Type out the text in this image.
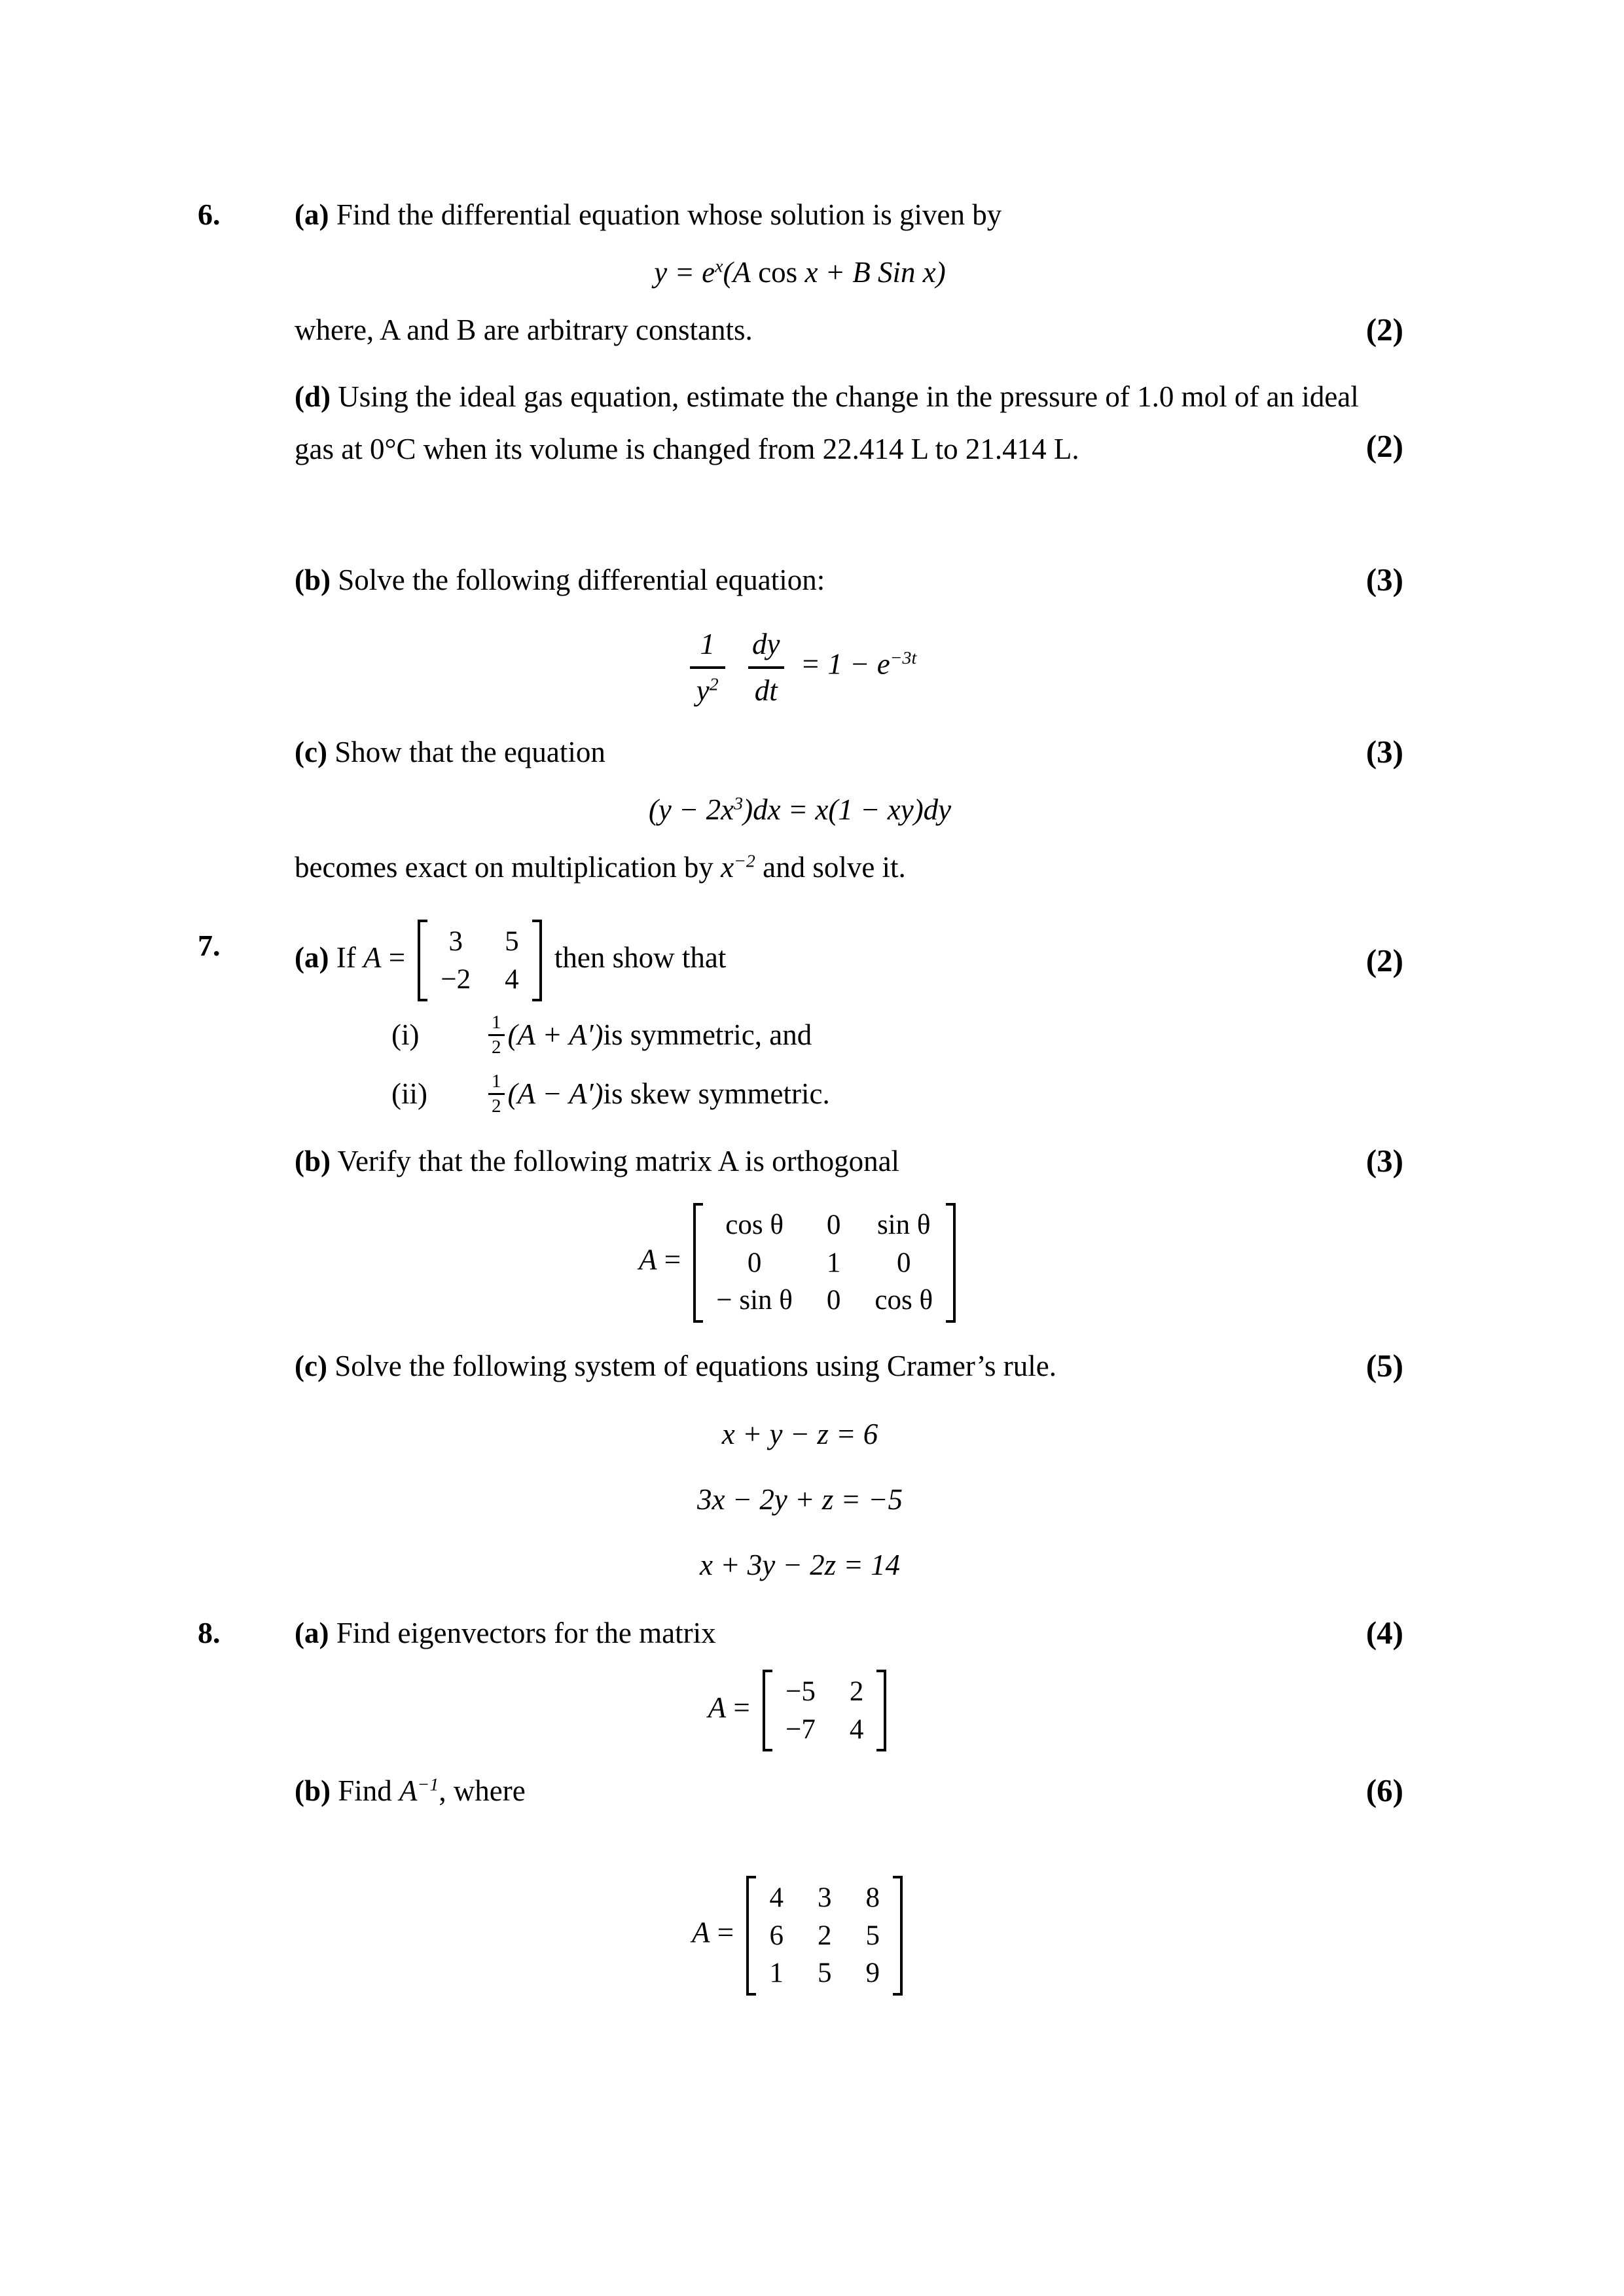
6.	(a) Find the differential equation whose solution is given by
$y = e^x(A$ cos x + B Sin x)
where, A and B are arbitrary constants.	(2)
(d) Using the ideal gas equation, estimate the change in the pressure of 1.0 mol of an ideal gas at 0°C when its volume is changed from 22.414 L to 21.414 L.	(2)
(b) Solve the following differential equation:	(3)
$\frac{1}{y^2}$
$\frac{dy}{dt} = 1 - e^{-3t}$
(c) Show that the equation	(3)
$(y - 2x^3)dx = x(1 - xy)dy$
becomes exact on multiplication by $x^{-2}$ and solve it.
7.	(a) If A = 3 5
−2 4
then show that	(2)
(i)	$\frac{1}{2} (A + A')$ is symmetric, and
(ii)	$\frac{1}{2} (A - A')$ is skew symmetric.
(b) Verify that the following matrix A is orthogonal	(3)
A =
cos θ 0 sin θ
0 1 0
− sin θ 0 cos θ
(c) Solve the following system of equations using Cramer’s rule.	(5)
x + y − z = 6
3x − 2y + z = −5
x + 3y − 2z = 14
8.	(a) Find eigenvectors for the matrix	(4)
A = −5 2
−7 4
(b) Find $A^{-1}$, where	(6)
A =
4 3 8
6 2 5
1 5 9
